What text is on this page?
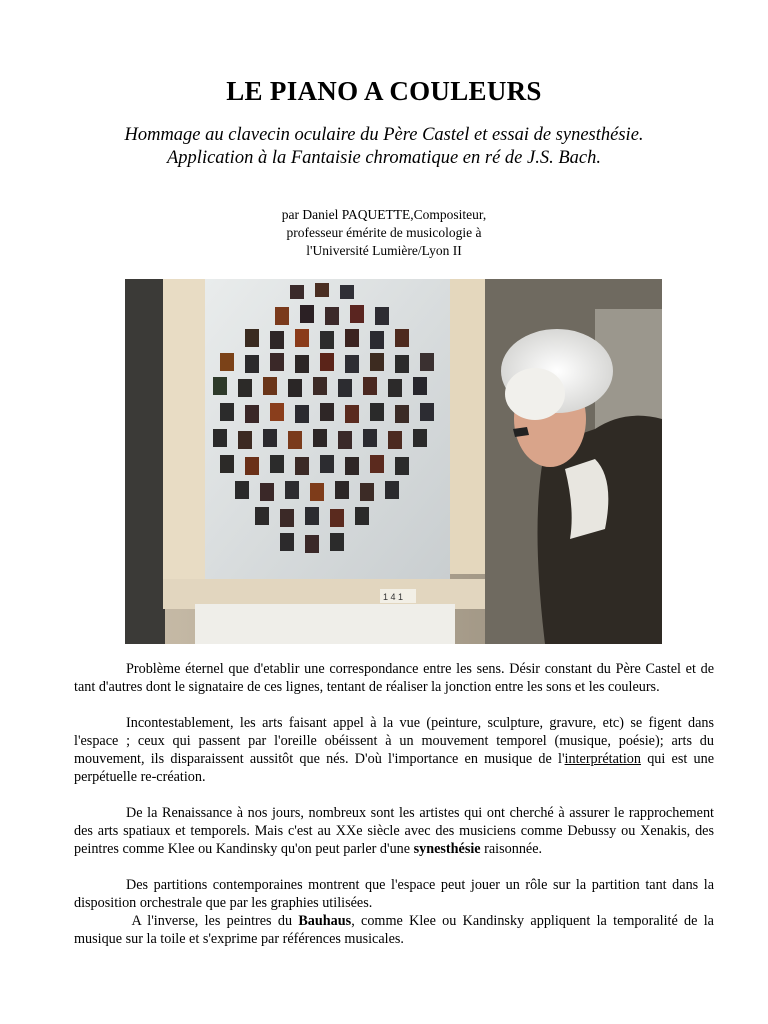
LE PIANO A COULEURS
Hommage au clavecin oculaire du Père Castel et essai de synesthésie.
Application à la Fantaisie chromatique en ré de J.S. Bach.
par Daniel PAQUETTE,Compositeur,
professeur émérite de musicologie à
l'Université Lumière/Lyon II
1 4 1

Problème éternel que d'etablir une correspondance entre les sens. Désir constant du Père Castel et de tant d'autres dont le signataire de ces lignes, tentant de réaliser la jonction entre les sons et les couleurs.

Incontestablement, les arts faisant appel à la vue (peinture, sculpture, gravure, etc) se figent dans l'espace ; ceux qui passent par l'oreille obéissent à un mouvement temporel (musique, poésie); arts du mouvement, ils disparaissent aussitôt que nés. D'où l'importance en musique de l'interprétation qui est une perpétuelle re-création.

De la Renaissance à nos jours, nombreux sont les artistes qui ont cherché à assurer le rapprochement des arts spatiaux et temporels. Mais c'est au XXe siècle avec des musiciens comme Debussy ou Xenakis, des peintres comme Klee ou Kandinsky qu'on peut parler d'une synesthésie raisonnée.

Des partitions contemporaines montrent que l'espace peut jouer un rôle sur la partition tant dans la disposition orchestrale que par les graphies utilisées.

A l'inverse, les peintres du Bauhaus, comme Klee ou Kandinsky appliquent la temporalité de la musique sur la toile et s'exprime par références musicales.
